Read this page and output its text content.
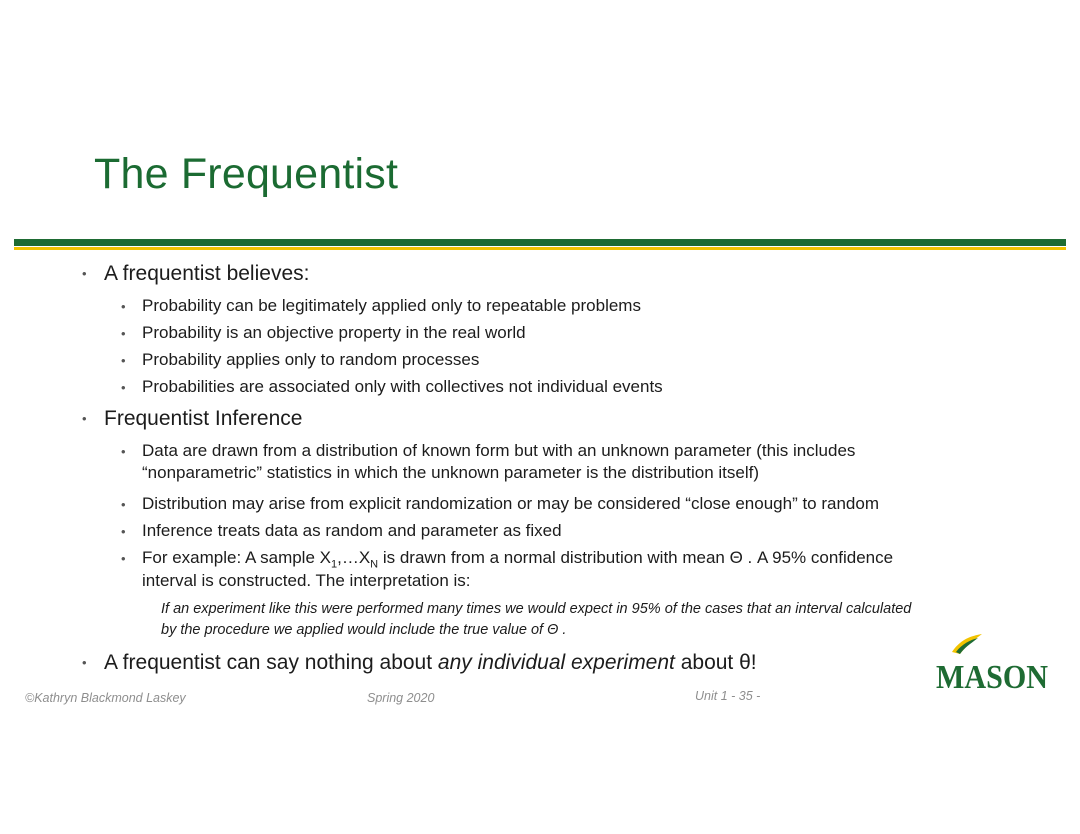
The Frequentist
• A frequentist believes:
• Probability can be legitimately applied only to repeatable problems
• Probability is an objective property in the real world
• Probability applies only to random processes
• Probabilities are associated only with collectives not individual events
• Frequentist Inference
• Data are drawn from a distribution of known form but with an unknown parameter (this includes
“nonparametric” statistics in which the unknown parameter is the distribution itself)
• Distribution may arise from explicit randomization or may be considered “close enough” to random
• Inference treats data as random and parameter as fixed
• For example: A sample $X_1,\dots X_N$ is drawn from a normal distribution with mean Θ . A 95% confidence
interval is constructed. The interpretation is:
If an experiment like this were performed many times we would expect in 95% of the cases that an interval calculated
by the procedure we applied would include the true value of Θ .
• A frequentist can say nothing about any individual experiment about θ!
©Kathryn Blackmond Laskey	Spring 2020	Unit 1 - 35 -	MASON
